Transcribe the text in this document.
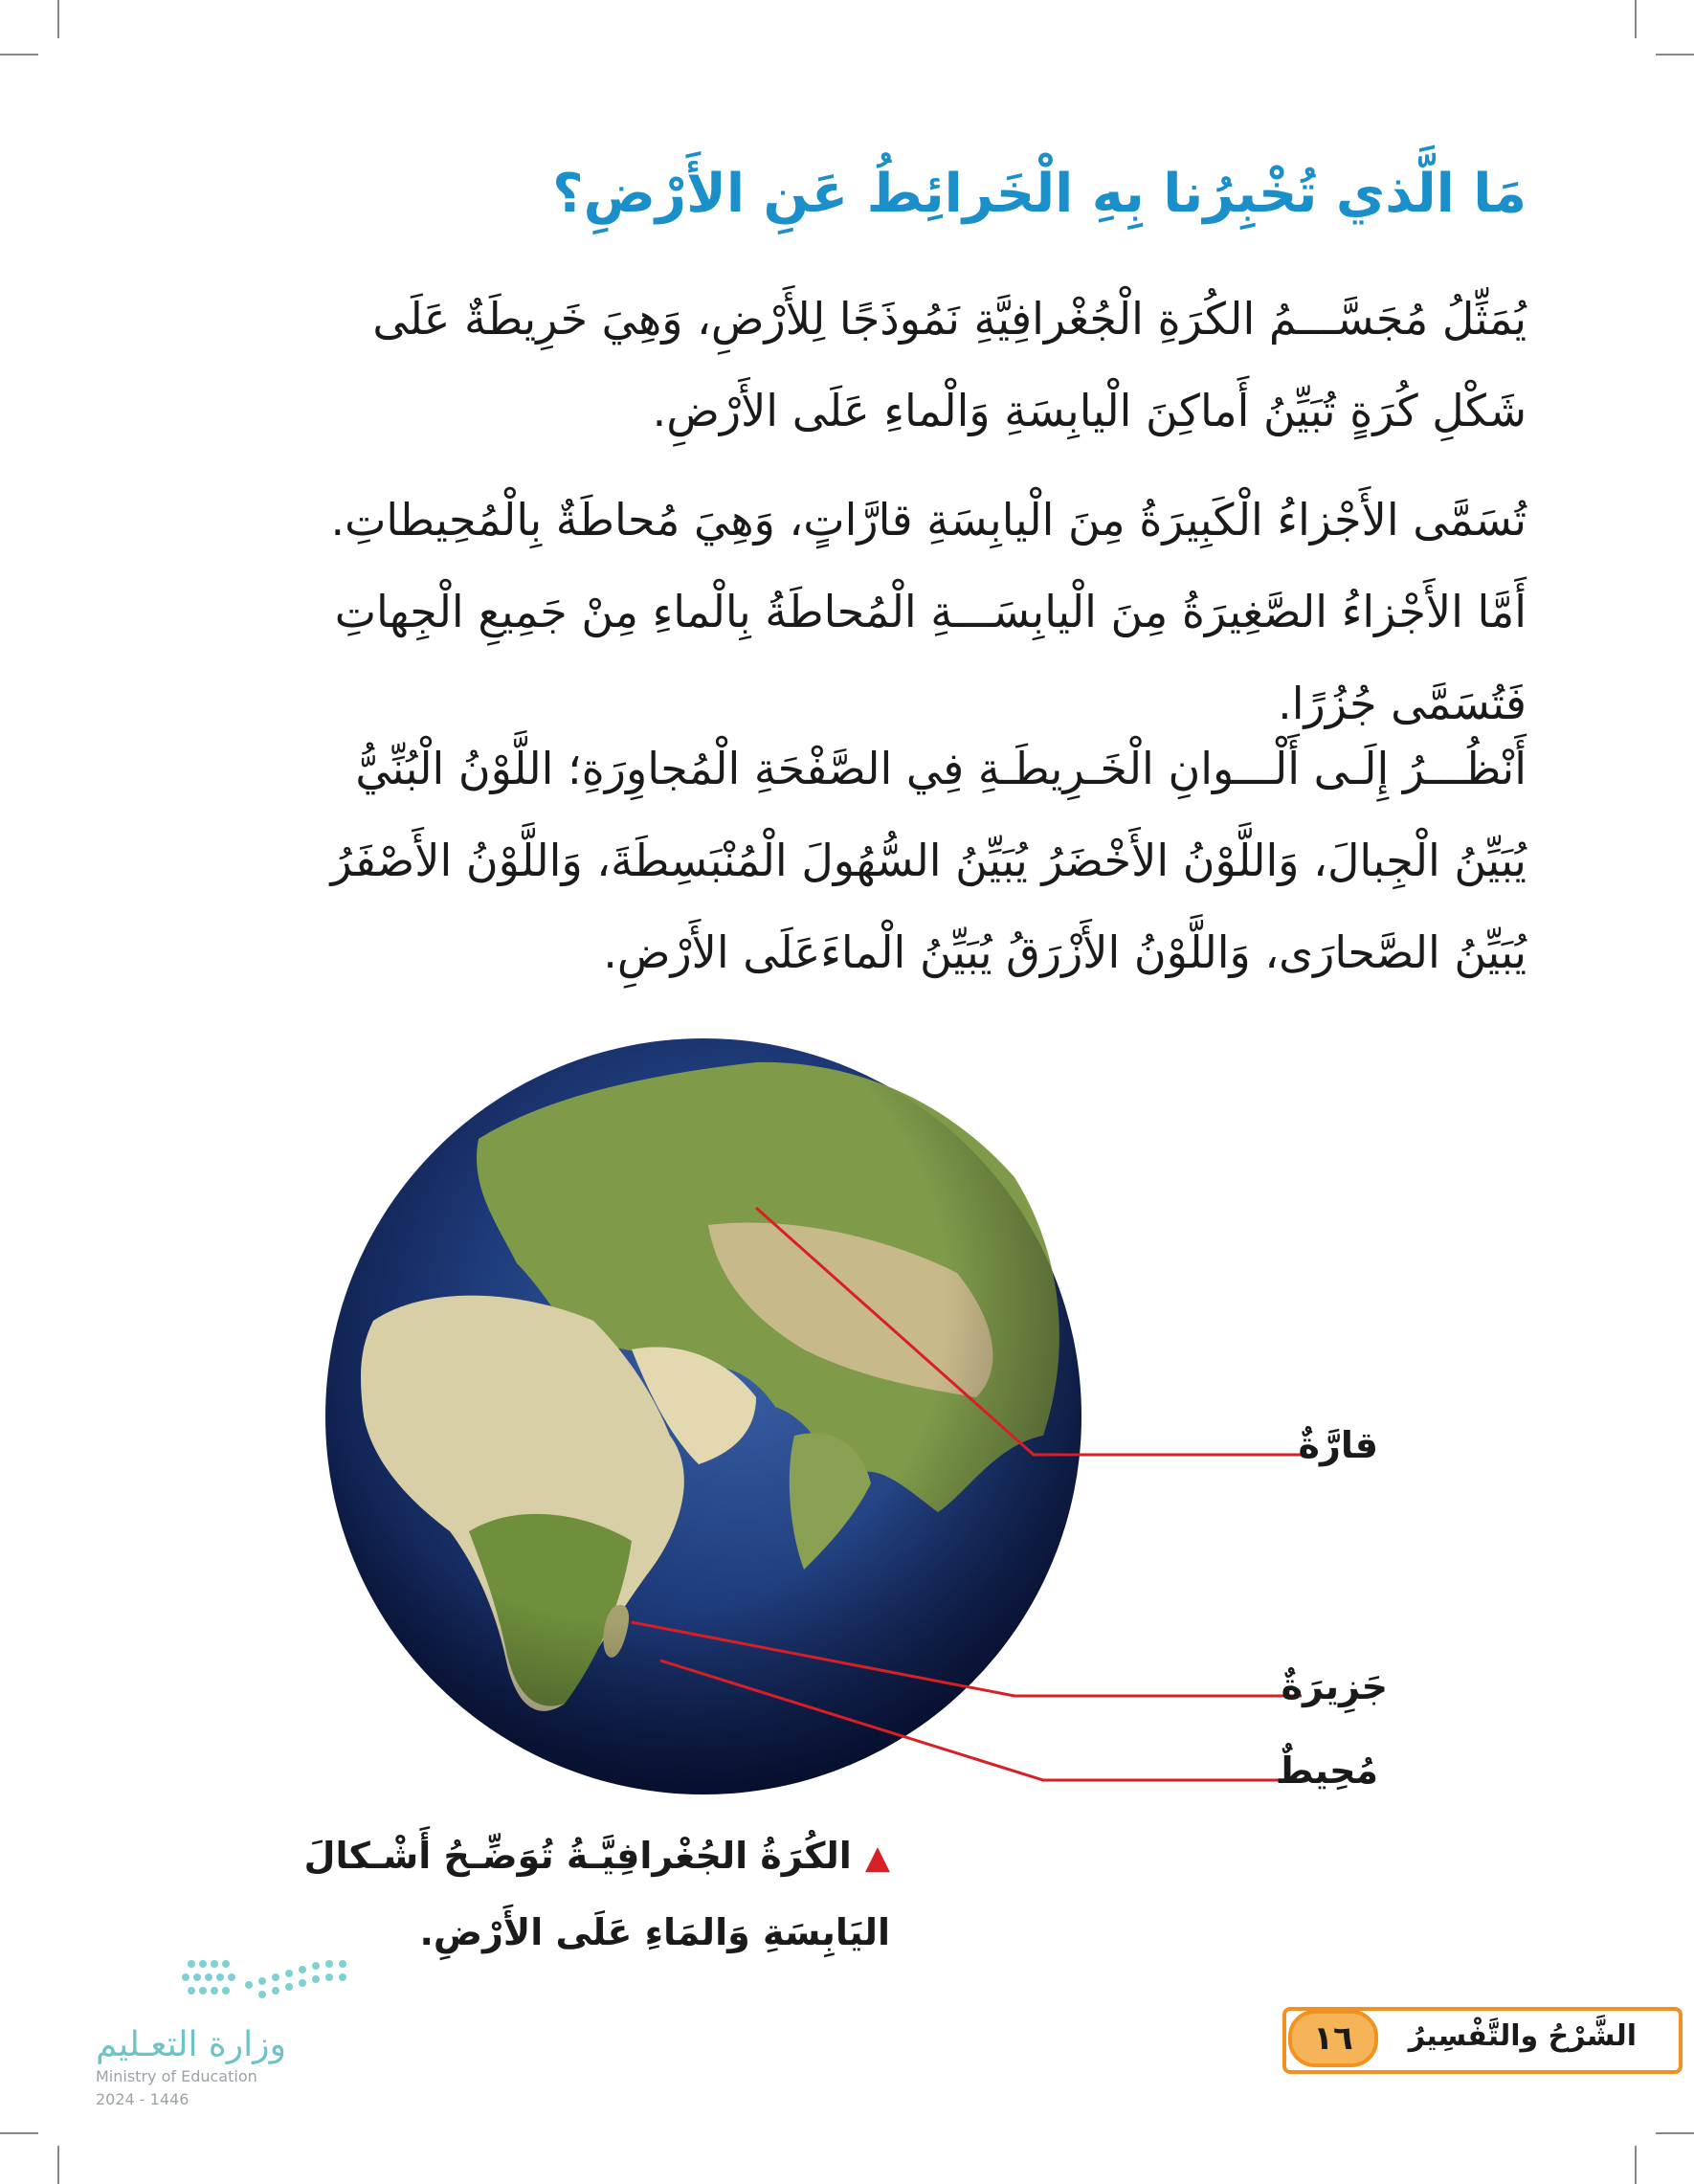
مَا الَّذي تُخْبِرُنا بِهِ الْخَرائِطُ عَنِ الأَرْضِ؟
يُمَثِّلُ مُجَسَّـــمُ الكُرَةِ الْجُغْرافِيَّةِ نَمُوذَجًا لِلأَرْضِ، وَهِيَ خَرِيطَةٌ عَلَى
شَكْلِ كُرَةٍ تُبَيِّنُ أَماكِنَ الْيابِسَةِ وَالْماءِ عَلَى الأَرْضِ.
تُسَمَّى الأَجْزاءُ الْكَبِيرَةُ مِنَ الْيابِسَةِ قارَّاتٍ، وَهِيَ مُحاطَةٌ بِالْمُحِيطاتِ.
أَمَّا الأَجْزاءُ الصَّغِيرَةُ مِنَ الْيابِسَـــةِ الْمُحاطَةُ بِالْماءِ مِنْ جَمِيعِ الْجِهاتِ
فَتُسَمَّى جُزُرًا.
أَنْظُـــرُ إِلَـى أَلْـــوانِ الْخَـرِيطَـةِ فِي الصَّفْحَةِ الْمُجاوِرَةِ؛ اللَّوْنُ الْبُنِّيُّ
يُبَيِّنُ الْجِبالَ، وَاللَّوْنُ الأَخْضَرُ يُبَيِّنُ السُّهُولَ الْمُنْبَسِطَةَ، وَاللَّوْنُ الأَصْفَرُ
يُبَيِّنُ الصَّحارَى، وَاللَّوْنُ الأَزْرَقُ يُبَيِّنُ الْماءَعَلَى الأَرْضِ.
قارَّةٌ
جَزِيرَةٌ
مُحِيطٌ
▲الكُرَةُ الجُغْرافِيَّـةُ تُوَضِّـحُ أَشْـكالَ
اليَابِسَةِ وَالمَاءِ عَلَى الأَرْضِ.
وزارة التعـليم
Ministry of Education
2024 - 1446
١٦	الشَّرْحُ والتَّفْسِيرُ
